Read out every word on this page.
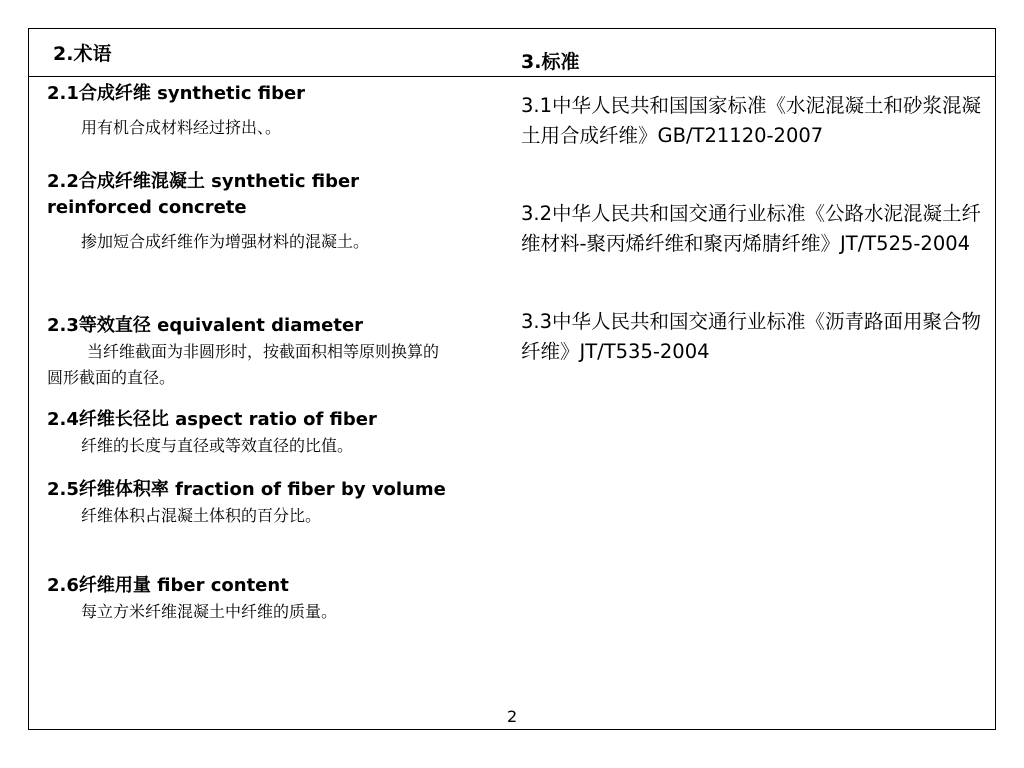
2.术语	3.标准
2.1合成纤维 synthetic fiber
用有机合成材料经过挤出、。
2.2合成纤维混凝土 synthetic fiber reinforced concrete
掺加短合成纤维作为增强材料的混凝土。
2.3等效直径 equivalent diameter
当纤维截面为非圆形时，按截面积相等原则换算的圆形截面的直径。
2.4纤维长径比 aspect ratio of fiber
纤维的长度与直径或等效直径的比值。
2.5纤维体积率 fraction of fiber by volume
纤维体积占混凝土体积的百分比。
2.6纤维用量 fiber content
每立方米纤维混凝土中纤维的质量。
3.1中华人民共和国国家标准《水泥混凝土和砂浆混凝土用合成纤维》GB/T21120-2007
3.2中华人民共和国交通行业标准《公路水泥混凝土纤维材料-聚丙烯纤维和聚丙烯腈纤维》JT/T525-2004
3.3中华人民共和国交通行业标准《沥青路面用聚合物纤维》JT/T535-2004
2
